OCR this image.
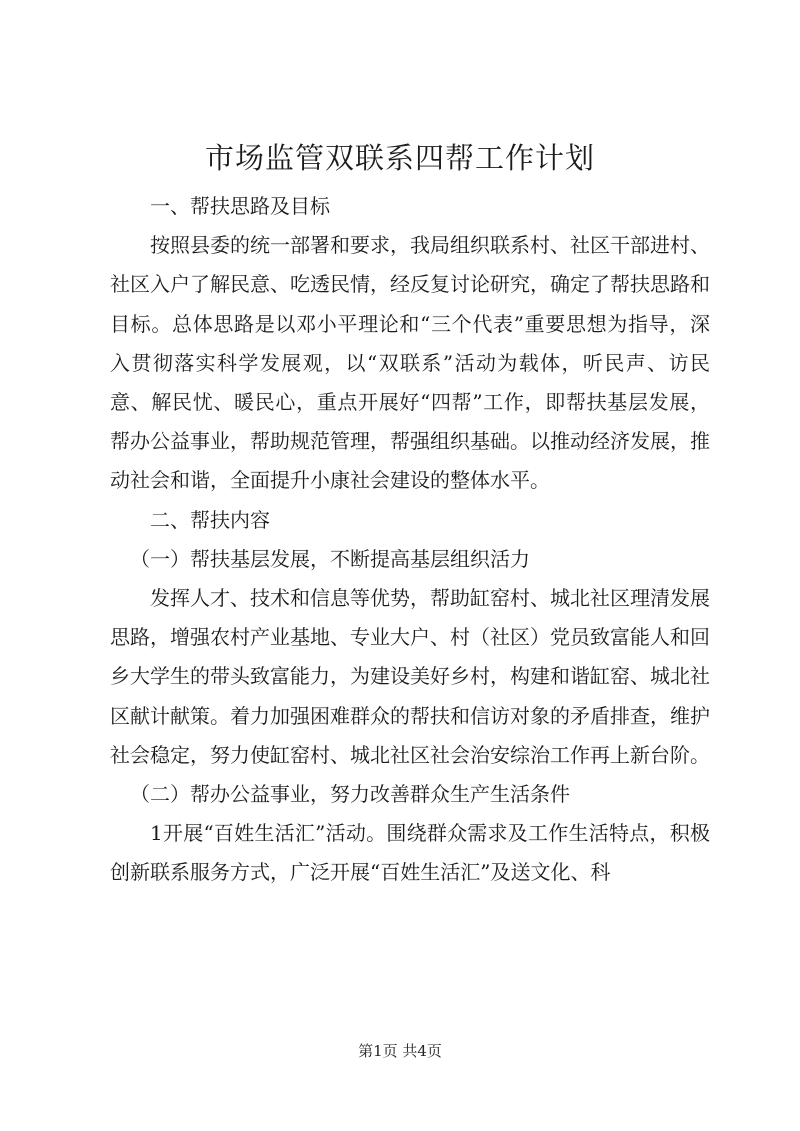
市场监管双联系四帮工作计划

一、帮扶思路及目标

按照县委的统一部署和要求，我局组织联系村、社区干部进村、社区入户了解民意、吃透民情，经反复讨论研究，确定了帮扶思路和目标。总体思路是以邓小平理论和“三个代表”重要思想为指导，深入贯彻落实科学发展观，以“双联系”活动为载体，听民声、访民意、解民忧、暖民心，重点开展好“四帮”工作，即帮扶基层发展，帮办公益事业，帮助规范管理，帮强组织基础。以推动经济发展，推动社会和谐，全面提升小康社会建设的整体水平。

二、帮扶内容

（一）帮扶基层发展，不断提高基层组织活力

发挥人才、技术和信息等优势，帮助缸窑村、城北社区理清发展思路，增强农村产业基地、专业大户、村（社区）党员致富能人和回乡大学生的带头致富能力，为建设美好乡村，构建和谐缸窑、城北社区献计献策。着力加强困难群众的帮扶和信访对象的矛盾排查，维护社会稳定，努力使缸窑村、城北社区社会治安综治工作再上新台阶。

（二）帮办公益事业，努力改善群众生产生活条件

1开展“百姓生活汇”活动。围绕群众需求及工作生活特点，积极创新联系服务方式，广泛开展“百姓生活汇”及送文化、科

第1页 共4页
